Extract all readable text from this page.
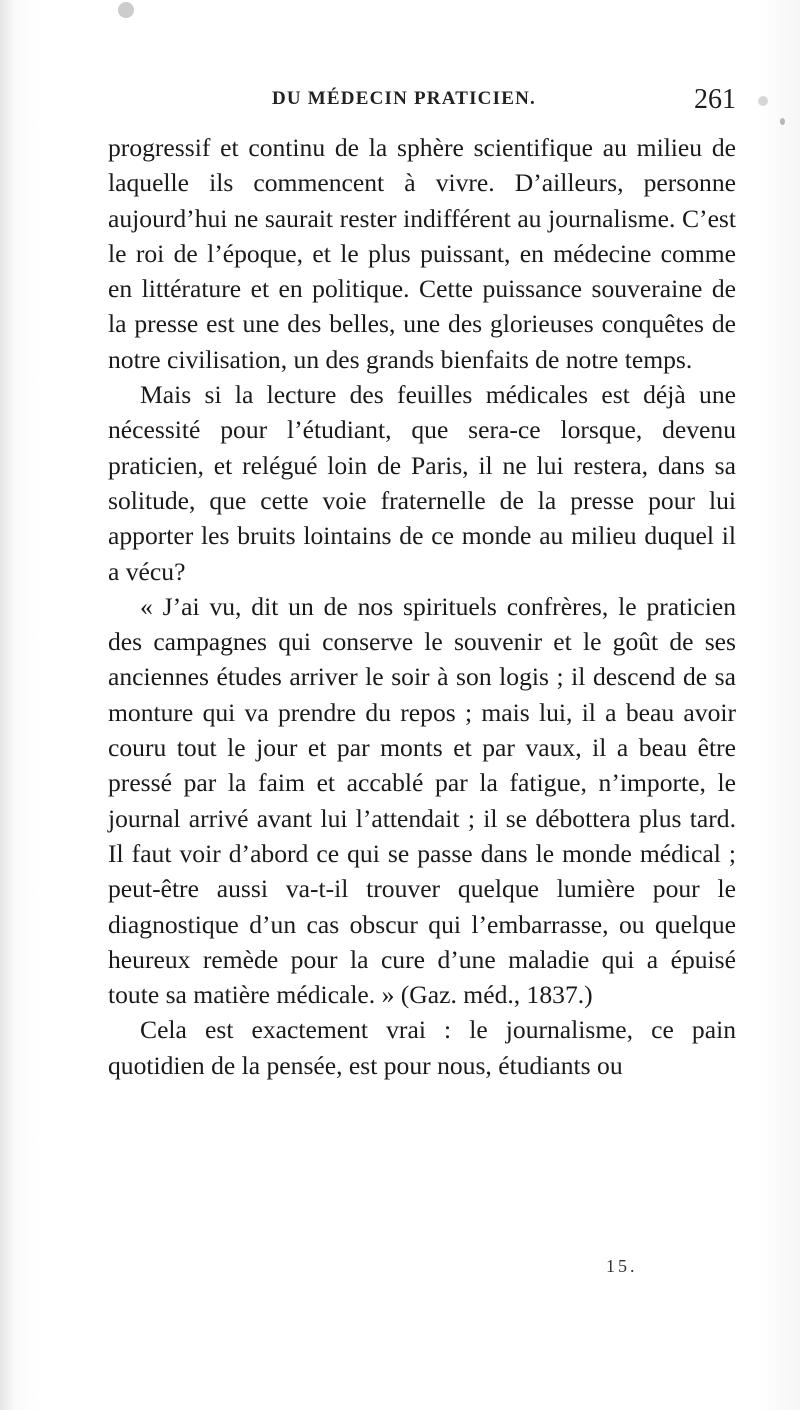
DU MÉDECIN PRATICIEN.	261

progressif et continu de la sphère scientifique au milieu de laquelle ils commencent à vivre. D’ailleurs, personne aujourd’hui ne saurait rester indifférent au journalisme. C’est le roi de l’époque, et le plus puissant, en médecine comme en littérature et en politique. Cette puissance souveraine de la presse est une des belles, une des glorieuses conquêtes de notre civilisation, un des grands bienfaits de notre temps.

Mais si la lecture des feuilles médicales est déjà une nécessité pour l’étudiant, que sera-ce lorsque, devenu praticien, et relégué loin de Paris, il ne lui restera, dans sa solitude, que cette voie fraternelle de la presse pour lui apporter les bruits lointains de ce monde au milieu duquel il a vécu?

« J’ai vu, dit un de nos spirituels confrères, le praticien des campagnes qui conserve le souvenir et le goût de ses anciennes études arriver le soir à son logis ; il descend de sa monture qui va prendre du repos ; mais lui, il a beau avoir couru tout le jour et par monts et par vaux, il a beau être pressé par la faim et accablé par la fatigue, n’importe, le journal arrivé avant lui l’attendait ; il se débottera plus tard. Il faut voir d’abord ce qui se passe dans le monde médical ; peut-être aussi va-t-il trouver quelque lumière pour le diagnostique d’un cas obscur qui l’embarrasse, ou quelque heureux remède pour la cure d’une maladie qui a épuisé toute sa matière médicale. » (Gaz. méd., 1837.)

Cela est exactement vrai : le journalisme, ce pain quotidien de la pensée, est pour nous, étudiants ou

15.
